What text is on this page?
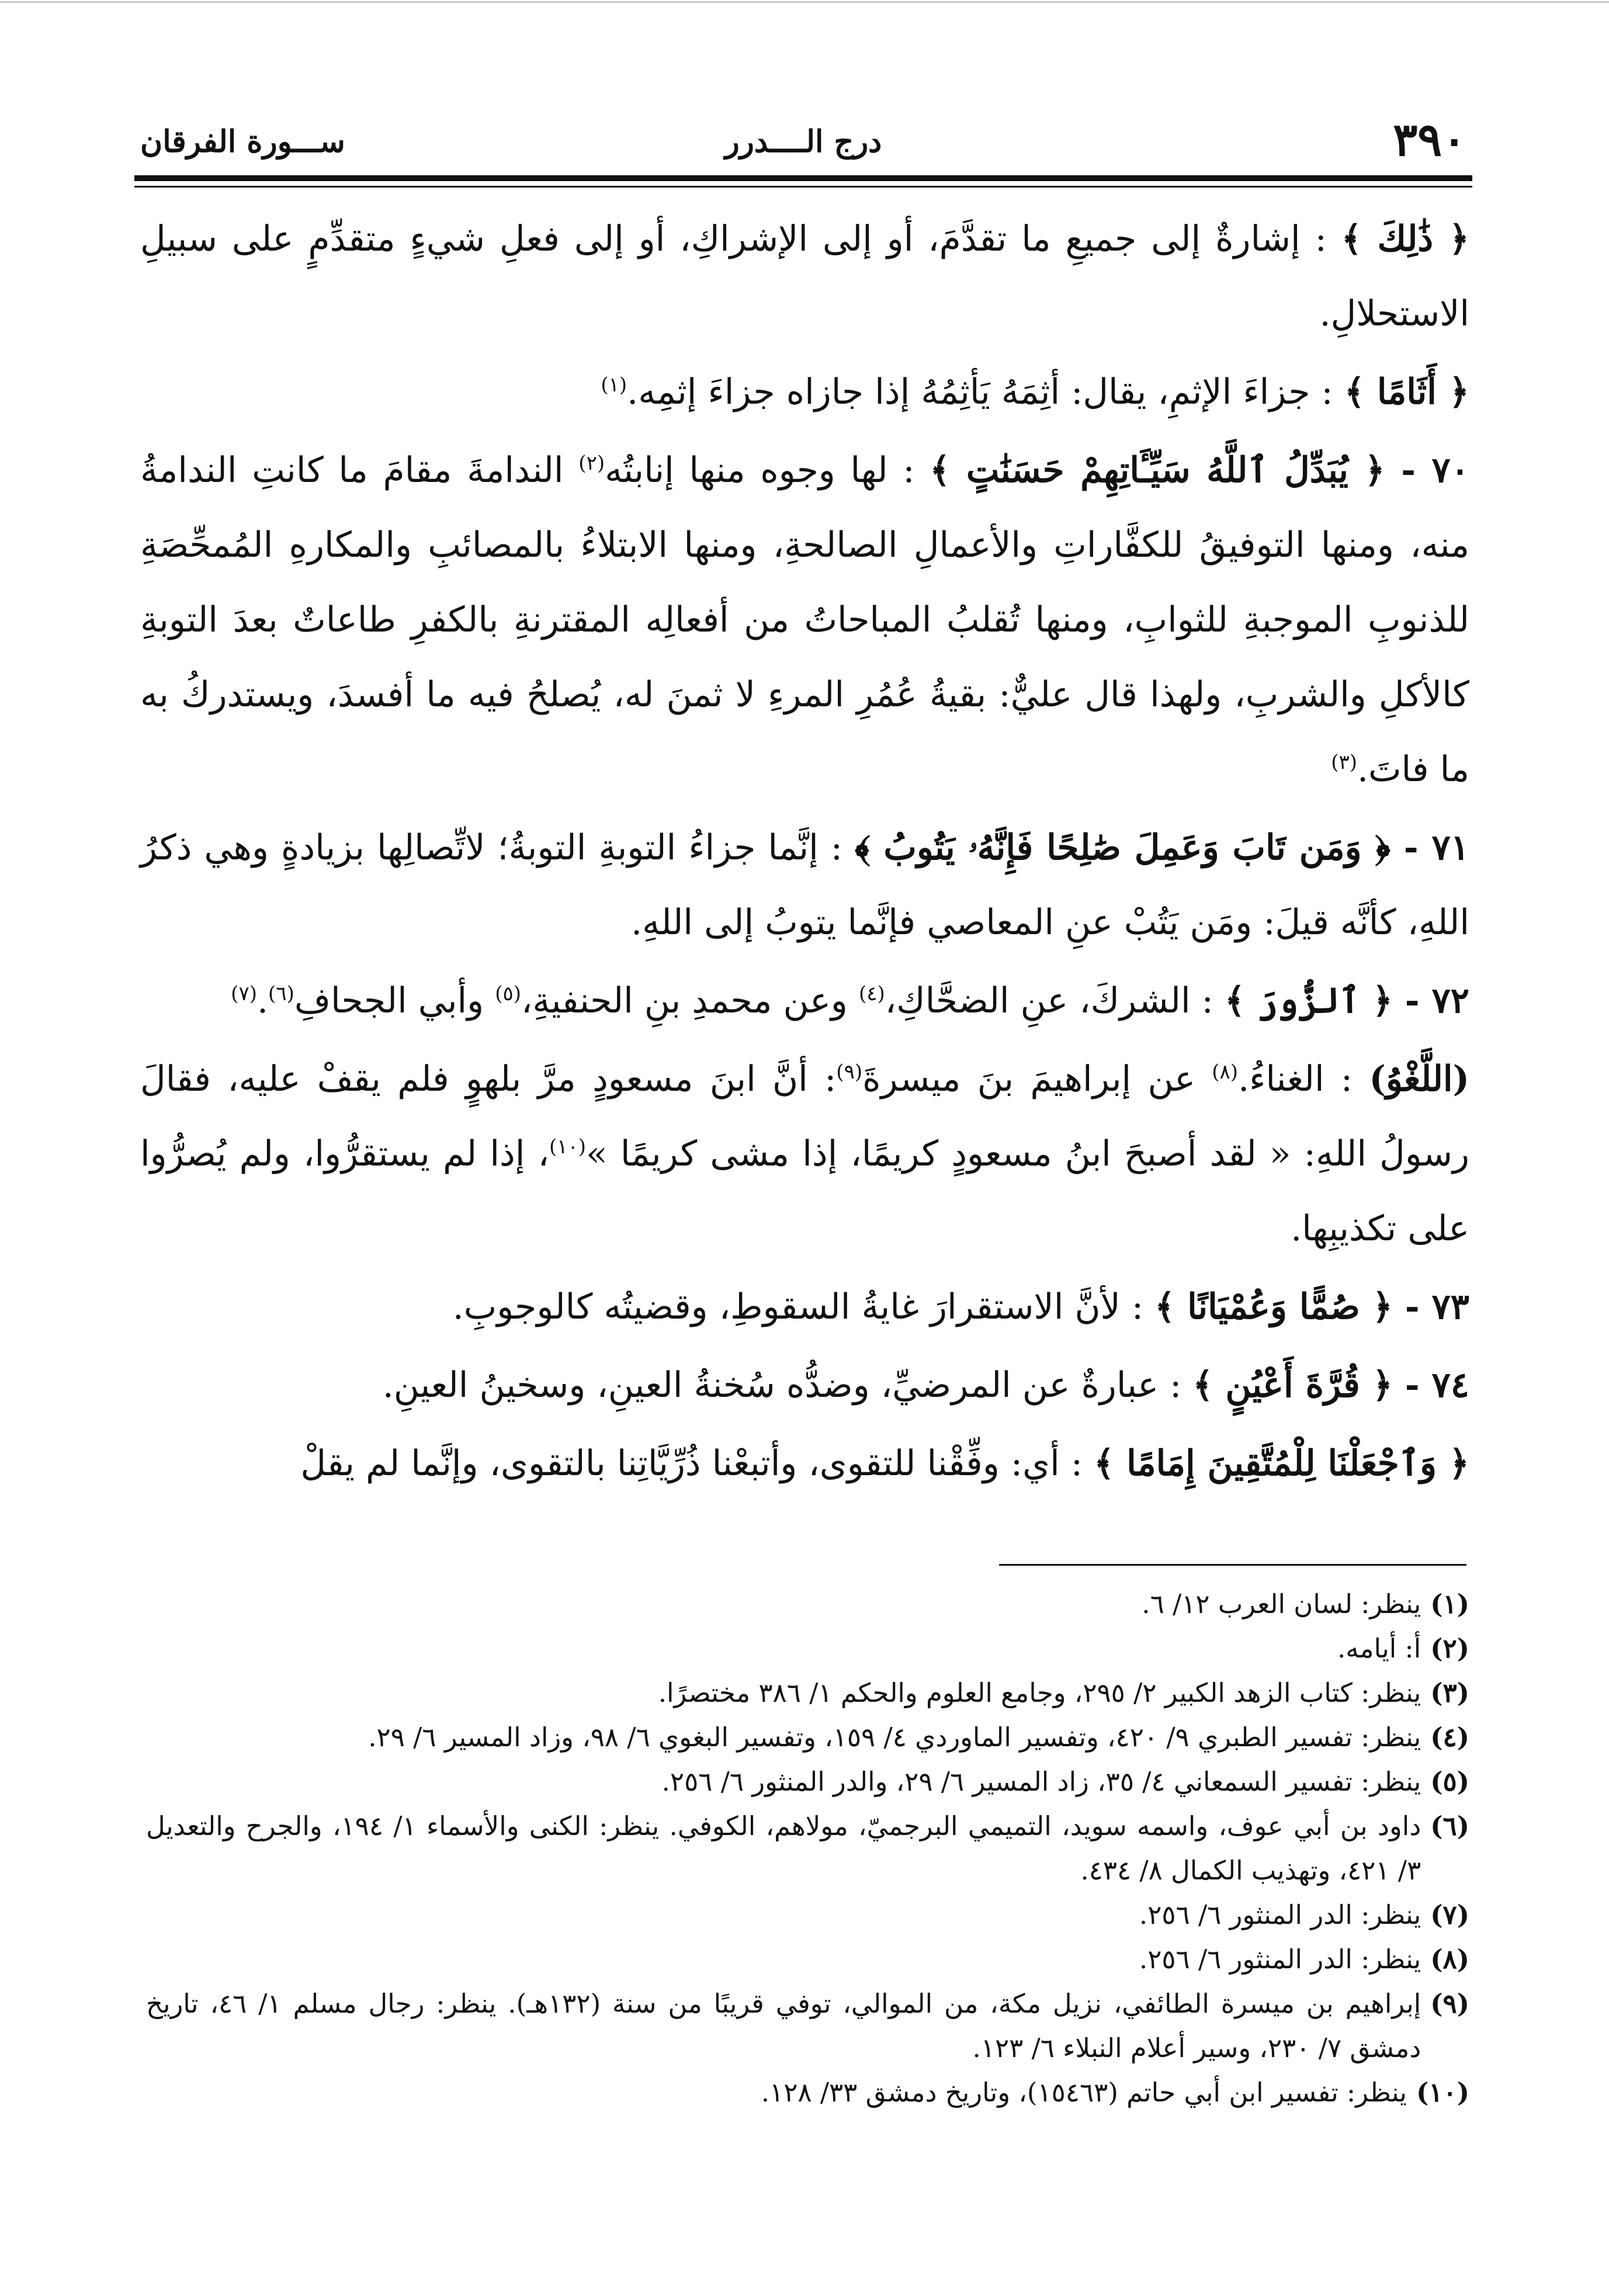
٣٩٠
درج الــــدرر
ســـورة الفرقان

﴿ ذَٰلِكَ ﴾ : إشارةٌ إلى جميعِ ما تقدَّمَ، أو إلى الإشراكِ، أو إلى فعلِ شيءٍ متقدِّمٍ على سبيلِ الاستحلالِ.

﴿ أَثَامًا ﴾ : جزاءَ الإثمِ، يقال: أثِمَهُ يَأثِمُهُ إذا جازاه جزاءَ إثمِه.$^{(١)}$

٧٠ - ﴿ يُبَدِّلُ ٱللَّهُ سَيِّـَٔاتِهِمْ حَسَنَٰتٍ ﴾ : لها وجوه منها إنابتُه$^{(٢)}$ الندامةَ مقامَ ما كانتِ الندامةُ منه، ومنها التوفيقُ للكفَّاراتِ والأعمالِ الصالحةِ، ومنها الابتلاءُ بالمصائبِ والمكارهِ المُمحِّصَةِ للذنوبِ الموجبةِ للثوابِ، ومنها تُقلبُ المباحاتُ من أفعالِه المقترنةِ بالكفرِ طاعاتٌ بعدَ التوبةِ كالأكلِ والشربِ، ولهذا قال عليٌّ: بقيةُ عُمُرِ المرءِ لا ثمنَ له، يُصلحُ فيه ما أفسدَ، ويستدركُ به ما فاتَ.$^{(٣)}$

٧١ - ﴿ وَمَن تَابَ وَعَمِلَ صَٰلِحًا فَإِنَّهُۥ يَتُوبُ ﴾ : إنَّما جزاءُ التوبةِ التوبةُ؛ لاتِّصالِها بزيادةٍ وهي ذكرُ اللهِ، كأنَّه قيلَ: ومَن يَتُبْ عنِ المعاصي فإنَّما يتوبُ إلى اللهِ.

٧٢ - ﴿ ٱلزُّورَ ﴾ : الشركَ، عنِ الضحَّاكِ،$^{(٤)}$ وعن محمدِ بنِ الحنفيةِ،$^{(٥)}$ وأبي الجحافِ$^{(٦)}$.$^{(٧)}$

(اللَّغْوُ) : الغناءُ.$^{(٨)}$ عن إبراهيمَ بنَ ميسرةَ$^{(٩)}$: أنَّ ابنَ مسعودٍ مرَّ بلهوٍ فلم يقفْ عليه، فقالَ رسولُ اللهِ: « لقد أصبحَ ابنُ مسعودٍ كريمًا، إذا مشى كريمًا »$^{(١٠)}$، إذا لم يستقرُّوا، ولم يُصرُّوا على تكذيبِها.

٧٣ - ﴿ صُمًّا وَعُمْيَانًا ﴾ : لأنَّ الاستقرارَ غايةُ السقوطِ، وقضيتُه كالوجوبِ.

٧٤ - ﴿ قُرَّةَ أَعْيُنٍ ﴾ : عبارةٌ عن المرضيِّ، وضدُّه سُخنةُ العينِ، وسخينُ العينِ.

﴿ وَٱجْعَلْنَا لِلْمُتَّقِينَ إِمَامًا ﴾ : أي: وفِّقْنا للتقوى، وأتبعْنا ذُرِّيَّاتِنا بالتقوى، وإنَّما لم يقلْ

(١)
ينظر: لسان العرب ١٢/ ٦.
(٢)
أ: أيامه.
(٣)
ينظر: كتاب الزهد الكبير ٢/ ٢٩٥، وجامع العلوم والحكم ١/ ٣٨٦ مختصرًا.
(٤)
ينظر: تفسير الطبري ٩/ ٤٢٠، وتفسير الماوردي ٤/ ١٥٩، وتفسير البغوي ٦/ ٩٨، وزاد المسير ٦/ ٢٩.
(٥)
ينظر: تفسير السمعاني ٤/ ٣٥، زاد المسير ٦/ ٢٩، والدر المنثور ٦/ ٢٥٦.
(٦)
داود بن أبي عوف، واسمه سويد، التميمي البرجميّ، مولاهم، الكوفي. ينظر: الكنى والأسماء ١/ ١٩٤، والجرح والتعديل ٣/ ٤٢١، وتهذيب الكمال ٨/ ٤٣٤.
(٧)
ينظر: الدر المنثور ٦/ ٢٥٦.
(٨)
ينظر: الدر المنثور ٦/ ٢٥٦.
(٩)
إبراهيم بن ميسرة الطائفي، نزيل مكة، من الموالي، توفي قريبًا من سنة (١٣٢هـ). ينظر: رجال مسلم ١/ ٤٦، تاريخ دمشق ٧/ ٢٣٠، وسير أعلام النبلاء ٦/ ١٢٣.
(١٠)
ينظر: تفسير ابن أبي حاتم (١٥٤٦٣)، وتاريخ دمشق ٣٣/ ١٢٨.
